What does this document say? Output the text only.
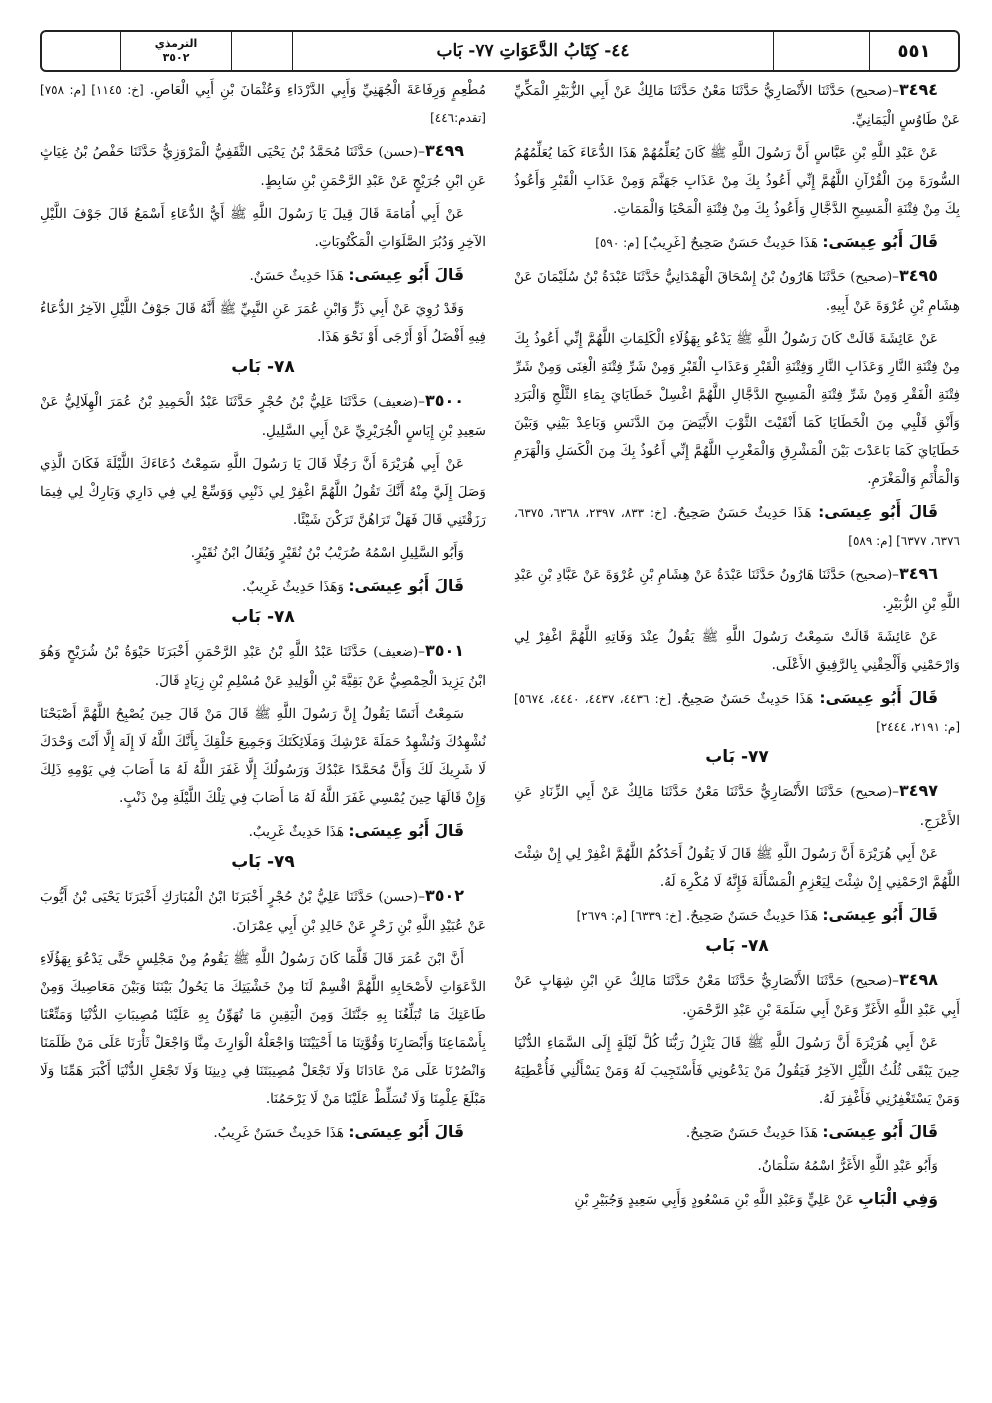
الترمذي
٣٥٠٢	٤٤- كِتَابُ الدَّعَوَاتِ ٧٧- بَاب	٥٥١

٣٤٩٤–(صحيح) حَدَّثَنَا الأَنْصَارِيُّ حَدَّثَنَا مَعْنٌ حَدَّثَنَا مَالِكٌ عَنْ أَبِي الزُّبَيْرِ الْمَكِّيِّ عَنْ طَاوُسٍ الْيَمَانِيِّ.

عَنْ عَبْدِ اللَّهِ بْنِ عَبَّاسٍ أَنَّ رَسُولَ اللَّهِ ﷺ كَانَ يُعَلِّمُهُمْ هَذَا الدُّعَاءَ كَمَا يُعَلِّمُهُمُ السُّورَةَ مِنَ الْقُرْآنِ اللَّهُمَّ إِنِّي أَعُوذُ بِكَ مِنْ عَذَابِ جَهَنَّمَ وَمِنْ عَذَابِ الْقَبْرِ وَأَعُوذُ بِكَ مِنْ فِتْنَةِ الْمَسِيحِ الدَّجَّالِ وَأَعُوذُ بِكَ مِنْ فِتْنَةِ الْمَحْيَا وَالْمَمَاتِ.

قَالَ أَبُو عِيسَى: هَذَا حَدِيثٌ حَسَنٌ صَحِيحٌ [غَرِيبٌ] [م: ٥٩٠]

٣٤٩٥–(صحيح) حَدَّثَنَا هَارُونُ بْنُ إِسْحَاقَ الْهَمْدَانِيُّ حَدَّثَنَا عَبْدَةُ بْنُ سُلَيْمَانَ عَنْ هِشَامِ بْنِ عُرْوَةَ عَنْ أَبِيهِ.

عَنْ عَائِشَةَ قَالَتْ كَانَ رَسُولُ اللَّهِ ﷺ يَدْعُو بِهَؤُلَاءِ الْكَلِمَاتِ اللَّهُمَّ إِنِّي أَعُوذُ بِكَ مِنْ فِتْنَةِ النَّارِ وَعَذَابِ النَّارِ وَفِتْنَةِ الْقَبْرِ وَعَذَابِ الْقَبْرِ وَمِنْ شَرِّ فِتْنَةِ الْغِنَى وَمِنْ شَرِّ فِتْنَةِ الْفَقْرِ وَمِنْ شَرِّ فِتْنَةِ الْمَسِيحِ الدَّجَّالِ اللَّهُمَّ اغْسِلْ خَطَايَايَ بِمَاءِ الثَّلْجِ وَالْبَرَدِ وَأَنْقِ قَلْبِي مِنَ الْخَطَايَا كَمَا أَنْقَيْتَ الثَّوْبَ الأَبْيَضَ مِنَ الدَّنَسِ وَبَاعِدْ بَيْنِي وَبَيْنَ خَطَايَايَ كَمَا بَاعَدْتَ بَيْنَ الْمَشْرِقِ وَالْمَغْرِبِ اللَّهُمَّ إِنِّي أَعُوذُ بِكَ مِنَ الْكَسَلِ وَالْهَرَمِ وَالْمَأْثَمِ وَالْمَغْرَمِ.

قَالَ أَبُو عِيسَى: هَذَا حَدِيثٌ حَسَنٌ صَحِيحٌ. [خ: ٨٣٣، ٢٣٩٧، ٦٣٦٨، ٦٣٧٥، ٦٣٧٦، ٦٣٧٧] [م: ٥٨٩]

٣٤٩٦–(صحيح) حَدَّثَنَا هَارُونُ حَدَّثَنَا عَبْدَةُ عَنْ هِشَامِ بْنِ عُرْوَةَ عَنْ عَبَّادِ بْنِ عَبْدِ اللَّهِ بْنِ الزُّبَيْرِ.

عَنْ عَائِشَةَ قَالَتْ سَمِعْتُ رَسُولَ اللَّهِ ﷺ يَقُولُ عِنْدَ وَفَاتِهِ اللَّهُمَّ اغْفِرْ لِي وَارْحَمْنِي وَأَلْحِقْنِي بِالرَّفِيقِ الأَعْلَى.

قَالَ أَبُو عِيسَى: هَذَا حَدِيثٌ حَسَنٌ صَحِيحٌ. [خ: ٤٤٣٦، ٤٤٣٧، ٤٤٤٠، ٥٦٧٤] [م: ٢١٩١، ٢٤٤٤]

٧٧- بَاب

٣٤٩٧–(صحيح) حَدَّثَنَا الأَنْصَارِيُّ حَدَّثَنَا مَعْنٌ حَدَّثَنَا مَالِكٌ عَنْ أَبِي الزِّنَادِ عَنِ الأَعْرَجِ.

عَنْ أَبِي هُرَيْرَةَ أَنَّ رَسُولَ اللَّهِ ﷺ قَالَ لَا يَقُولُ أَحَدُكُمُ اللَّهُمَّ اغْفِرْ لِي إِنْ شِئْتَ اللَّهُمَّ ارْحَمْنِي إِنْ شِئْتَ لِيَعْزِمِ الْمَسْأَلَةَ فَإِنَّهُ لَا مُكْرِهَ لَهُ.

قَالَ أَبُو عِيسَى: هَذَا حَدِيثٌ حَسَنٌ صَحِيحٌ. [خ: ٦٣٣٩] [م: ٢٦٧٩]

٧٨- بَاب

٣٤٩٨–(صحيح) حَدَّثَنَا الأَنْصَارِيُّ حَدَّثَنَا مَعْنٌ حَدَّثَنَا مَالِكٌ عَنِ ابْنِ شِهَابٍ عَنْ أَبِي عَبْدِ اللَّهِ الأَغَرِّ وَعَنْ أَبِي سَلَمَةَ بْنِ عَبْدِ الرَّحْمَنِ.

عَنْ أَبِي هُرَيْرَةَ أَنَّ رَسُولَ اللَّهِ ﷺ قَالَ يَنْزِلُ رَبُّنَا كُلَّ لَيْلَةٍ إِلَى السَّمَاءِ الدُّنْيَا حِينَ يَبْقَى ثُلُثُ اللَّيْلِ الآخِرُ فَيَقُولُ مَنْ يَدْعُونِي فَأَسْتَجِيبَ لَهُ وَمَنْ يَسْأَلُنِي فَأُعْطِيَهُ وَمَنْ يَسْتَغْفِرُنِي فَأَغْفِرَ لَهُ.

قَالَ أَبُو عِيسَى: هَذَا حَدِيثٌ حَسَنٌ صَحِيحٌ.

وَأَبُو عَبْدِ اللَّهِ الأَغَرُّ اسْمُهُ سَلْمَانُ.

وَفِي الْبَابِ عَنْ عَلِيٍّ وَعَبْدِ اللَّهِ بْنِ مَسْعُودٍ وَأَبِي سَعِيدٍ وَجُبَيْرِ بْنِ

مُطْعِمٍ وَرِفَاعَةَ الْجُهَنِيِّ وَأَبِي الدَّرْدَاءِ وَعُثْمَانَ بْنِ أَبِي الْعَاصِ. [خ: ١١٤٥] [م: ٧٥٨] [تقدم:٤٤٦]

٣٤٩٩–(حسن) حَدَّثَنَا مُحَمَّدُ بْنُ يَحْيَى الثَّقَفِيُّ الْمَرْوَزِيُّ حَدَّثَنَا حَفْصُ بْنُ غِيَاثٍ عَنِ ابْنِ جُرَيْجٍ عَنْ عَبْدِ الرَّحْمَنِ بْنِ سَابِطٍ.

عَنْ أَبِي أُمَامَةَ قَالَ قِيلَ يَا رَسُولَ اللَّهِ ﷺ أَيُّ الدُّعَاءِ أَسْمَعُ قَالَ جَوْفَ اللَّيْلِ الآخِرِ وَدُبُرَ الصَّلَوَاتِ الْمَكْتُوبَاتِ.

قَالَ أَبُو عِيسَى: هَذَا حَدِيثٌ حَسَنٌ.

وَقَدْ رُوِيَ عَنْ أَبِي ذَرٍّ وَابْنِ عُمَرَ عَنِ النَّبِيِّ ﷺ أَنَّهُ قَالَ جَوْفُ اللَّيْلِ الآخِرُ الدُّعَاءُ فِيهِ أَفْضَلُ أَوْ أَرْجَى أَوْ نَحْوَ هَذَا.

٧٨- بَاب

٣٥٠٠–(ضعيف) حَدَّثَنَا عَلِيُّ بْنُ حُجْرٍ حَدَّثَنَا عَبْدُ الْحَمِيدِ بْنُ عُمَرَ الْهِلَالِيُّ عَنْ سَعِيدِ بْنِ إِيَاسٍ الْجُرَيْرِيِّ عَنْ أَبِي السَّلِيلِ.

عَنْ أَبِي هُرَيْرَةَ أَنَّ رَجُلًا قَالَ يَا رَسُولَ اللَّهِ سَمِعْتُ دُعَاءَكَ اللَّيْلَةَ فَكَانَ الَّذِي وَصَلَ إِلَيَّ مِنْهُ أَنَّكَ تَقُولُ اللَّهُمَّ اغْفِرْ لِي ذَنْبِي وَوَسِّعْ لِي فِي دَارِي وَبَارِكْ لِي فِيمَا رَزَقْتَنِي قَالَ فَهَلْ تَرَاهُنَّ تَرَكْنَ شَيْئًا.

وَأَبُو السَّلِيلِ اسْمُهُ ضُرَيْبُ بْنُ نُقَيْرٍ وَيُقَالُ ابْنُ نُقَيْرٍ.

قَالَ أَبُو عِيسَى: وَهَذَا حَدِيثٌ غَرِيبٌ.

٧٨- بَاب

٣٥٠١–(ضعيف) حَدَّثَنَا عَبْدُ اللَّهِ بْنُ عَبْدِ الرَّحْمَنِ أَخْبَرَنَا حَيْوَةُ بْنُ شُرَيْحٍ وَهُوَ ابْنُ يَزِيدَ الْحِمْصِيُّ عَنْ بَقِيَّةَ بْنِ الْوَلِيدِ عَنْ مُسْلِمِ بْنِ زِيَادٍ قَالَ.

سَمِعْتُ أَنَسًا يَقُولُ إِنَّ رَسُولَ اللَّهِ ﷺ قَالَ مَنْ قَالَ حِينَ يُصْبِحُ اللَّهُمَّ أَصْبَحْنَا نُشْهِدُكَ وَنُشْهِدُ حَمَلَةَ عَرْشِكَ وَمَلَائِكَتَكَ وَجَمِيعَ خَلْقِكَ بِأَنَّكَ اللَّهُ لَا إِلَهَ إِلَّا أَنْتَ وَحْدَكَ لَا شَرِيكَ لَكَ وَأَنَّ مُحَمَّدًا عَبْدُكَ وَرَسُولُكَ إِلَّا غَفَرَ اللَّهُ لَهُ مَا أَصَابَ فِي يَوْمِهِ ذَلِكَ وَإِنْ قَالَهَا حِينَ يُمْسِي غَفَرَ اللَّهُ لَهُ مَا أَصَابَ فِي تِلْكَ اللَّيْلَةِ مِنْ ذَنْبٍ.

قَالَ أَبُو عِيسَى: هَذَا حَدِيثٌ غَرِيبٌ.

٧٩- بَاب

٣٥٠٢–(حسن) حَدَّثَنَا عَلِيُّ بْنُ حُجْرٍ أَخْبَرَنَا ابْنُ الْمُبَارَكِ أَخْبَرَنَا يَحْيَى بْنُ أَيُّوبَ عَنْ عُبَيْدِ اللَّهِ بْنِ زَحْرٍ عَنْ خَالِدِ بْنِ أَبِي عِمْرَانَ.

أَنَّ ابْنَ عُمَرَ قَالَ قَلَّمَا كَانَ رَسُولُ اللَّهِ ﷺ يَقُومُ مِنْ مَجْلِسٍ حَتَّى يَدْعُوَ بِهَؤُلَاءِ الدَّعَوَاتِ لأَصْحَابِهِ اللَّهُمَّ اقْسِمْ لَنَا مِنْ خَشْيَتِكَ مَا يَحُولُ بَيْنَنَا وَبَيْنَ مَعَاصِيكَ وَمِنْ طَاعَتِكَ مَا تُبَلِّغُنَا بِهِ جَنَّتَكَ وَمِنَ الْيَقِينِ مَا تُهَوِّنُ بِهِ عَلَيْنَا مُصِيبَاتِ الدُّنْيَا وَمَتِّعْنَا بِأَسْمَاعِنَا وَأَبْصَارِنَا وَقُوَّتِنَا مَا أَحْيَيْتَنَا وَاجْعَلْهُ الْوَارِثَ مِنَّا وَاجْعَلْ ثَأْرَنَا عَلَى مَنْ ظَلَمَنَا وَانْصُرْنَا عَلَى مَنْ عَادَانَا وَلَا تَجْعَلْ مُصِيبَتَنَا فِي دِينِنَا وَلَا تَجْعَلِ الدُّنْيَا أَكْبَرَ هَمِّنَا وَلَا مَبْلَغَ عِلْمِنَا وَلَا تُسَلِّطْ عَلَيْنَا مَنْ لَا يَرْحَمُنَا.

قَالَ أَبُو عِيسَى: هَذَا حَدِيثٌ حَسَنٌ غَرِيبٌ.
